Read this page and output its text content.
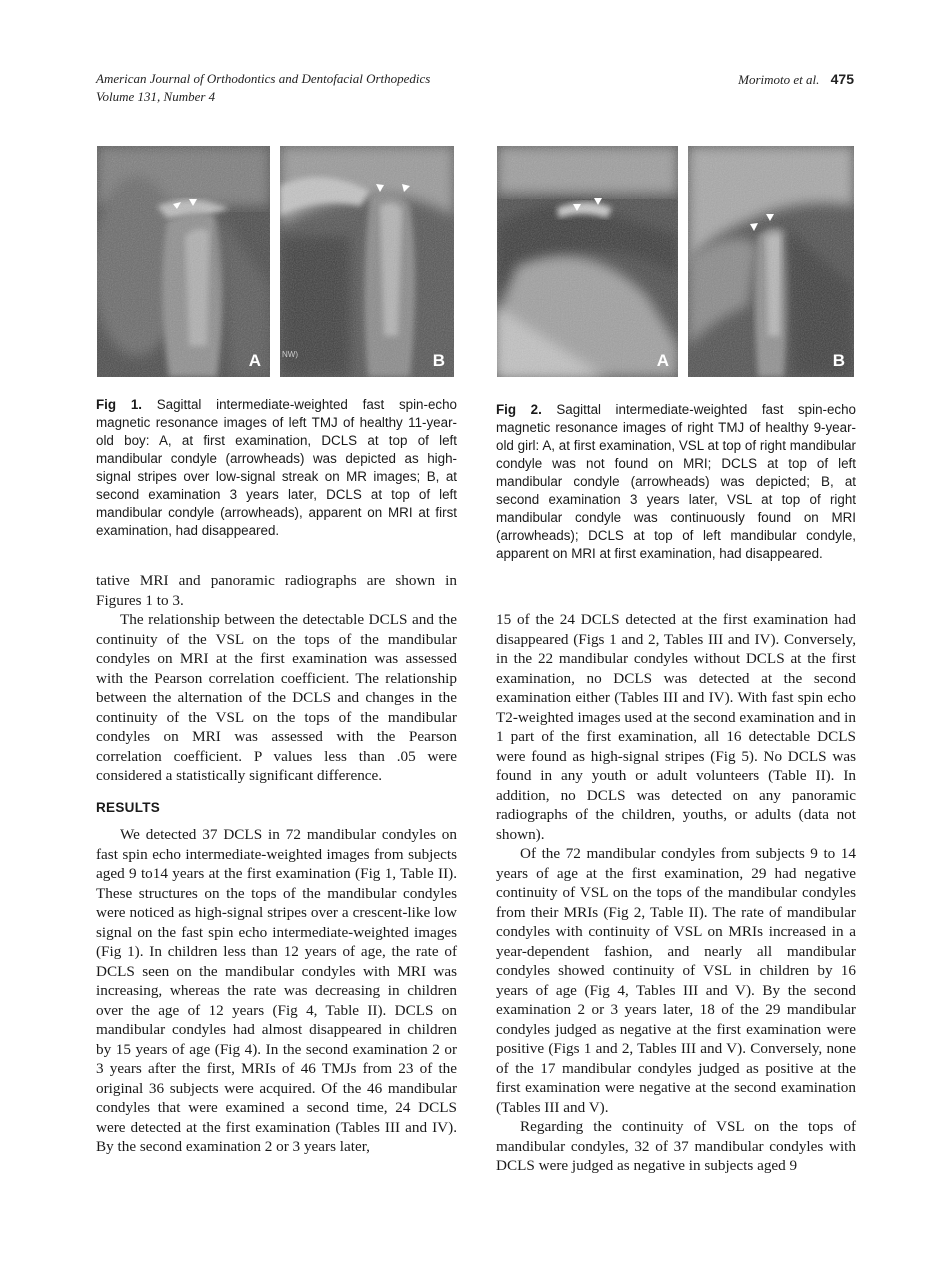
American Journal of Orthodontics and Dentofacial Orthopedics
Volume 131, Number 4
Morimoto et al. 475
A	NW)	B	A	B
Fig 1. Sagittal intermediate-weighted fast spin-echo magnetic resonance images of left TMJ of healthy 11-year-old boy: A, at first examination, DCLS at top of left mandibular condyle (arrowheads) was depicted as high-signal stripes over low-signal streak on MR images; B, at second examination 3 years later, DCLS at top of left mandibular condyle (arrowheads), apparent on MRI at first examination, had disappeared.
Fig 2. Sagittal intermediate-weighted fast spin-echo magnetic resonance images of right TMJ of healthy 9-year-old girl: A, at first examination, VSL at top of right mandibular condyle was not found on MRI; DCLS at top of left mandibular condyle (arrowheads) was depicted; B, at second examination 3 years later, VSL at top of right mandibular condyle was continuously found on MRI (arrowheads); DCLS at top of left mandibular condyle, apparent on MRI at first examination, had disappeared.

tative MRI and panoramic radiographs are shown in Figures 1 to 3.

The relationship between the detectable DCLS and the continuity of the VSL on the tops of the mandibular condyles on MRI at the first examination was assessed with the Pearson correlation coefficient. The relationship between the alternation of the DCLS and changes in the continuity of the VSL on the tops of the mandibular condyles on MRI was assessed with the Pearson correlation coefficient. P values less than .05 were considered a statistically significant difference.

RESULTS

We detected 37 DCLS in 72 mandibular condyles on fast spin echo intermediate-weighted images from subjects aged 9 to14 years at the first examination (Fig 1, Table II). These structures on the tops of the mandibular condyles were noticed as high-signal stripes over a crescent-like low signal on the fast spin echo intermediate-weighted images (Fig 1). In children less than 12 years of age, the rate of DCLS seen on the mandibular condyles with MRI was increasing, whereas the rate was decreasing in children over the age of 12 years (Fig 4, Table II). DCLS on mandibular condyles had almost disappeared in children by 15 years of age (Fig 4). In the second examination 2 or 3 years after the first, MRIs of 46 TMJs from 23 of the original 36 subjects were acquired. Of the 46 mandibular condyles that were examined a second time, 24 DCLS were detected at the first examination (Tables III and IV). By the second examination 2 or 3 years later,

15 of the 24 DCLS detected at the first examination had disappeared (Figs 1 and 2, Tables III and IV). Conversely, in the 22 mandibular condyles without DCLS at the first examination, no DCLS was detected at the second examination either (Tables III and IV). With fast spin echo T2-weighted images used at the second examination and in 1 part of the first examination, all 16 detectable DCLS were found as high-signal stripes (Fig 5). No DCLS was found in any youth or adult volunteers (Table II). In addition, no DCLS was detected on any panoramic radiographs of the children, youths, or adults (data not shown).

Of the 72 mandibular condyles from subjects 9 to 14 years of age at the first examination, 29 had negative continuity of VSL on the tops of the mandibular condyles from their MRIs (Fig 2, Table II). The rate of mandibular condyles with continuity of VSL on MRIs increased in a year-dependent fashion, and nearly all mandibular condyles showed continuity of VSL in children by 16 years of age (Fig 4, Tables III and V). By the second examination 2 or 3 years later, 18 of the 29 mandibular condyles judged as negative at the first examination were positive (Figs 1 and 2, Tables III and V). Conversely, none of the 17 mandibular condyles judged as positive at the first examination were negative at the second examination (Tables III and V).

Regarding the continuity of VSL on the tops of mandibular condyles, 32 of 37 mandibular condyles with DCLS were judged as negative in subjects aged 9
